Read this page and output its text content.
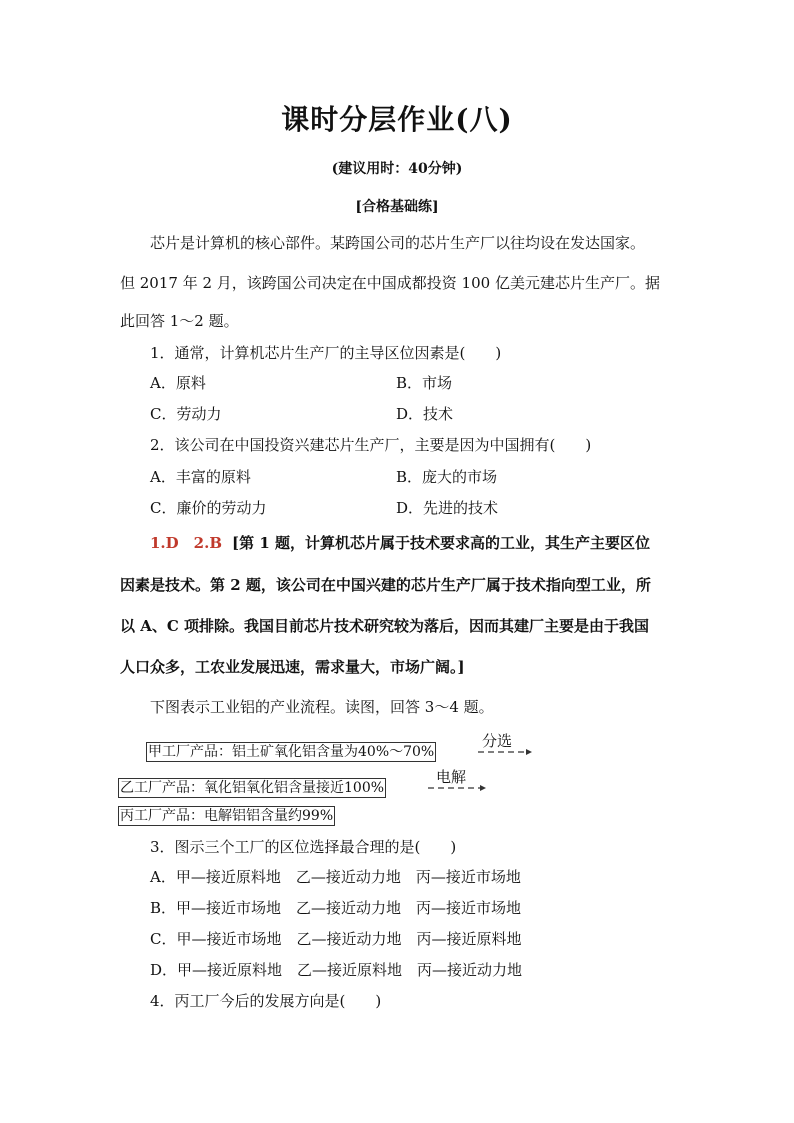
课时分层作业(八)
(建议用时：40分钟)
[合格基础练]
芯片是计算机的核心部件。某跨国公司的芯片生产厂以往均设在发达国家。
但 2017 年 2 月，该跨国公司决定在中国成都投资 100 亿美元建芯片生产厂。据
此回答 1～2 题。
1．通常，计算机芯片生产厂的主导区位因素是(　　)
A．原料	B．市场
C．劳动力	D．技术
2．该公司在中国投资兴建芯片生产厂，主要是因为中国拥有(　　)
A．丰富的原料	B．庞大的市场
C．廉价的劳动力	D．先进的技术
1.D　2.B [第 1 题，计算机芯片属于技术要求高的工业，其生产主要区位
因素是技术。第 2 题，该公司在中国兴建的芯片生产厂属于技术指向型工业，所
以 A、C 项排除。我国目前芯片技术研究较为落后，因而其建厂主要是由于我国
人口众多，工农业发展迅速，需求量大，市场广阔。]
下图表示工业铝的产业流程。读图，回答 3～4 题。
甲工厂产品：铝土矿氧化铝含量为40%～70%
分选
乙工厂产品：氧化铝氧化铝含量接近100%
电解
丙工厂产品：电解铝铝含量约99%
3．图示三个工厂的区位选择最合理的是(　　)
A．甲—接近原料地　乙—接近动力地　丙—接近市场地
B．甲—接近市场地　乙—接近动力地　丙—接近市场地
C．甲—接近市场地　乙—接近动力地　丙—接近原料地
D．甲—接近原料地　乙—接近原料地　丙—接近动力地
4．丙工厂今后的发展方向是(　　)
